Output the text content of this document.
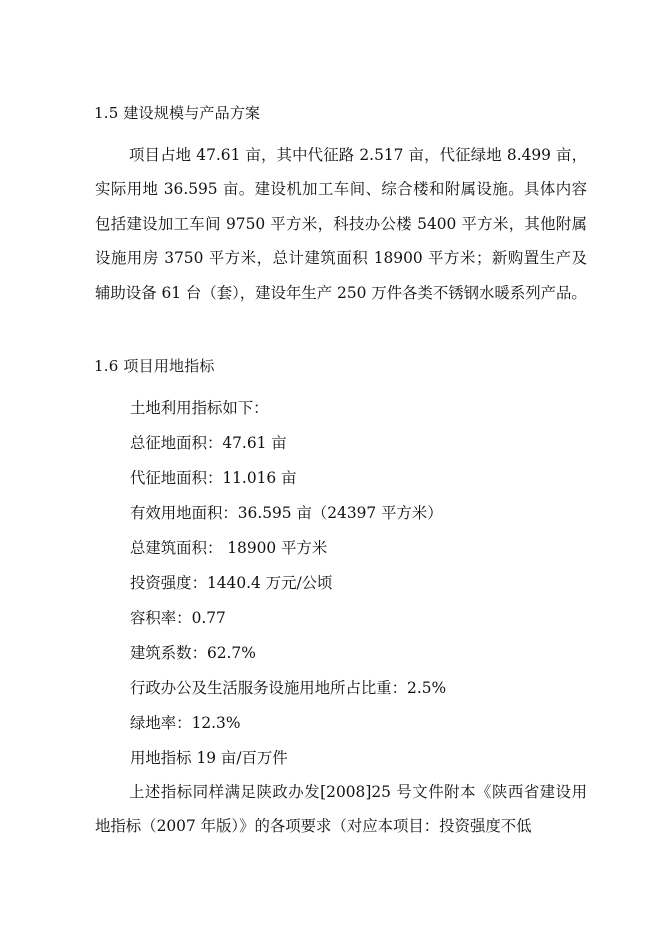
1.5 建设规模与产品方案

项目占地 47.61 亩，其中代征路 2.517 亩，代征绿地 8.499 亩，实际用地 36.595 亩。建设机加工车间、综合楼和附属设施。具体内容包括建设加工车间 9750 平方米，科技办公楼 5400 平方米，其他附属设施用房 3750 平方米，总计建筑面积 18900 平方米；新购置生产及辅助设备 61 台（套），建设年生产 250 万件各类不锈钢水暖系列产品。

1.6 项目用地指标
土地利用指标如下：
总征地面积：47.61 亩
代征地面积：11.016 亩
有效用地面积：36.595 亩（24397 平方米）
总建筑面积： 18900 平方米
投资强度：1440.4 万元/公顷
容积率：0.77
建筑系数：62.7%
行政办公及生活服务设施用地所占比重：2.5%
绿地率：12.3%
用地指标 19 亩/百万件

上述指标同样满足陕政办发[2008]25 号文件附本《陕西省建设用地指标（2007 年版）》的各项要求（对应本项目：投资强度不低
